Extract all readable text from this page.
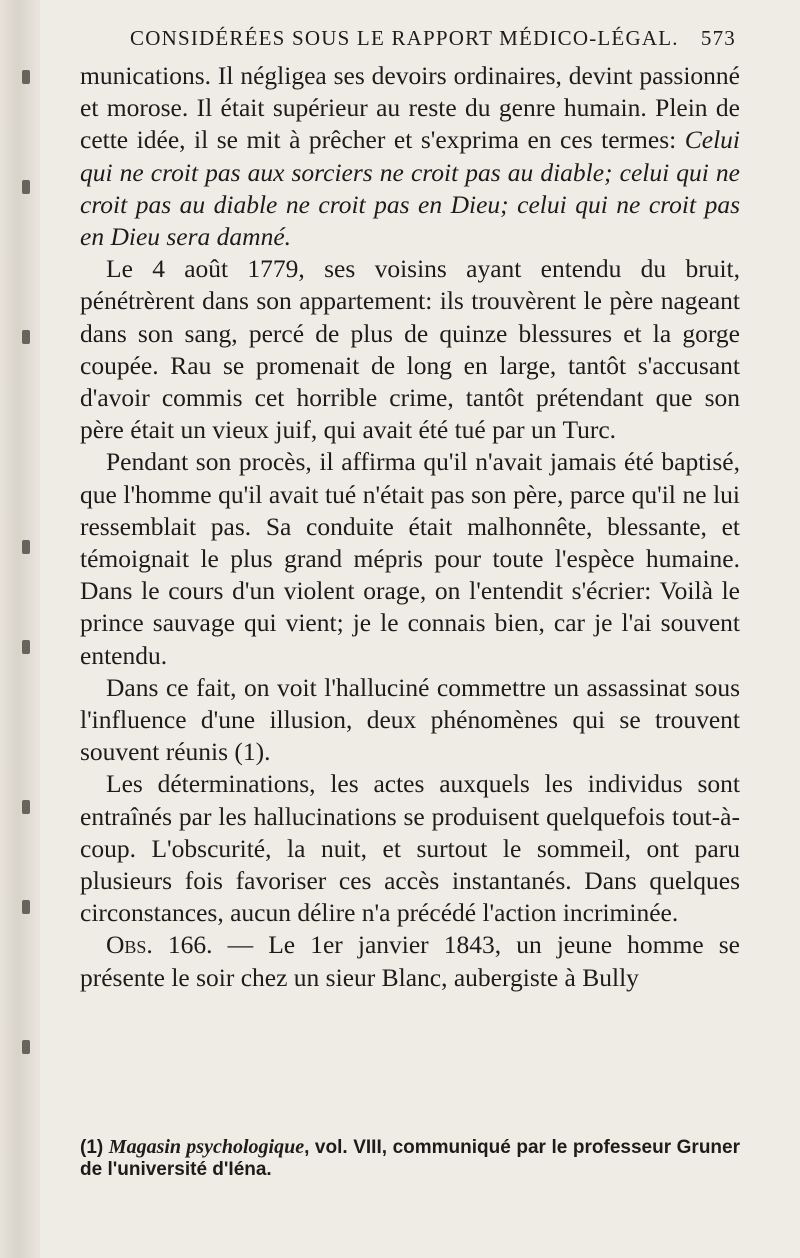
CONSIDÉRÉES SOUS LE RAPPORT MÉDICO-LÉGAL. 573

munications. Il négligea ses devoirs ordinaires, devint passionné et morose. Il était supérieur au reste du genre humain. Plein de cette idée, il se mit à prêcher et s'exprima en ces termes: Celui qui ne croit pas aux sorciers ne croit pas au diable; celui qui ne croit pas au diable ne croit pas en Dieu; celui qui ne croit pas en Dieu sera damné.

Le 4 août 1779, ses voisins ayant entendu du bruit, pénétrèrent dans son appartement: ils trouvèrent le père nageant dans son sang, percé de plus de quinze blessures et la gorge coupée. Rau se promenait de long en large, tantôt s'accusant d'avoir commis cet horrible crime, tantôt prétendant que son père était un vieux juif, qui avait été tué par un Turc.

Pendant son procès, il affirma qu'il n'avait jamais été baptisé, que l'homme qu'il avait tué n'était pas son père, parce qu'il ne lui ressemblait pas. Sa conduite était malhonnête, blessante, et témoignait le plus grand mépris pour toute l'espèce humaine. Dans le cours d'un violent orage, on l'entendit s'écrier: Voilà le prince sauvage qui vient; je le connais bien, car je l'ai souvent entendu.

Dans ce fait, on voit l'halluciné commettre un assassinat sous l'influence d'une illusion, deux phénomènes qui se trouvent souvent réunis (1).

Les déterminations, les actes auxquels les individus sont entraînés par les hallucinations se produisent quelquefois tout-à-coup. L'obscurité, la nuit, et surtout le sommeil, ont paru plusieurs fois favoriser ces accès instantanés. Dans quelques circonstances, aucun délire n'a précédé l'action incriminée.

Obs. 166. — Le 1er janvier 1843, un jeune homme se présente le soir chez un sieur Blanc, aubergiste à Bully

(1) Magasin psychologique, vol. VIII, communiqué par le professeur Gruner de l'université d'Iéna.
